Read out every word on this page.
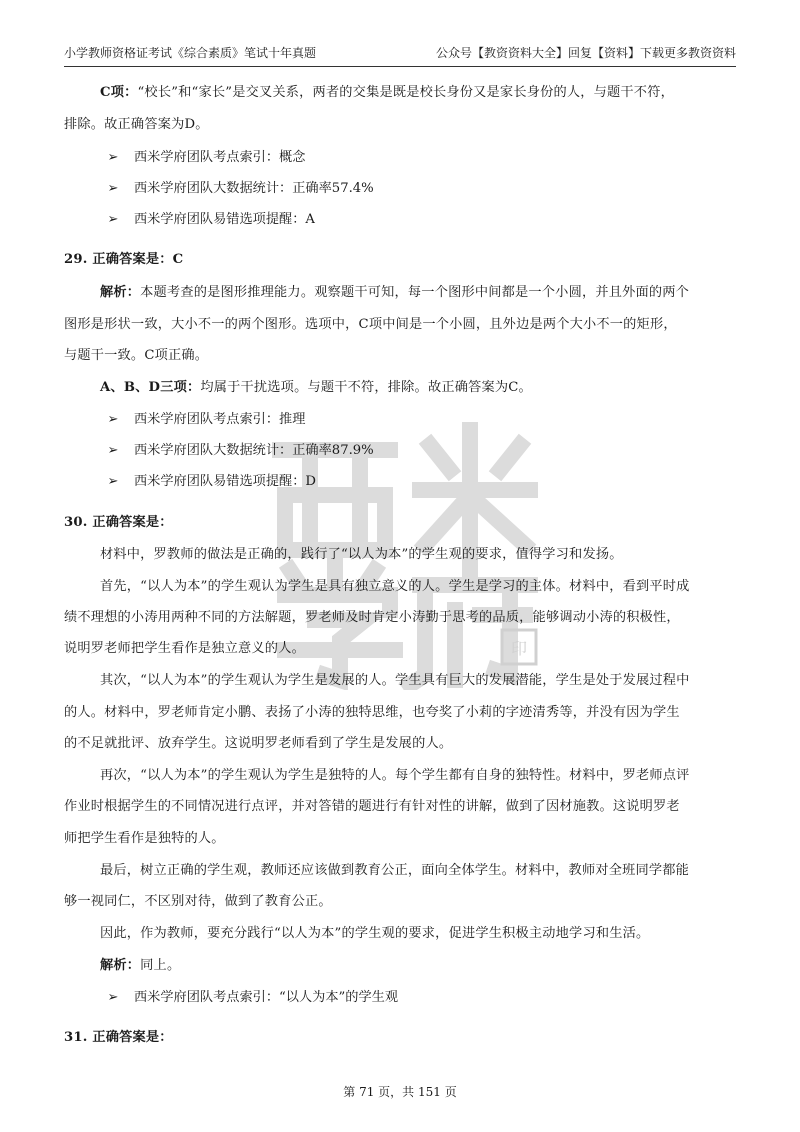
小学教师资格证考试《综合素质》笔试十年真题	公众号【教资资料大全】回复【资料】下载更多教资资料
印
C项：“校长”和“家长”是交叉关系，两者的交集是既是校长身份又是家长身份的人，与题干不符，
排除。故正确答案为D。
➢ 西米学府团队考点索引：概念
➢ 西米学府团队大数据统计：正确率57.4%
➢ 西米学府团队易错选项提醒：A
29. 正确答案是：C
解析：本题考查的是图形推理能力。观察题干可知，每一个图形中间都是一个小圆，并且外面的两个
图形是形状一致，大小不一的两个图形。选项中，C项中间是一个小圆，且外边是两个大小不一的矩形，
与题干一致。C项正确。
A、B、D三项：均属于干扰选项。与题干不符，排除。故正确答案为C。
➢ 西米学府团队考点索引：推理
➢ 西米学府团队大数据统计：正确率87.9%
➢ 西米学府团队易错选项提醒：D
30. 正确答案是：
材料中，罗教师的做法是正确的，践行了“以人为本”的学生观的要求，值得学习和发扬。
首先，“以人为本”的学生观认为学生是具有独立意义的人。学生是学习的主体。材料中，看到平时成
绩不理想的小涛用两种不同的方法解题，罗老师及时肯定小涛勤于思考的品质，能够调动小涛的积极性，
说明罗老师把学生看作是独立意义的人。
其次，“以人为本”的学生观认为学生是发展的人。学生具有巨大的发展潜能，学生是处于发展过程中
的人。材料中，罗老师肯定小鹏、表扬了小涛的独特思维，也夸奖了小莉的字迹清秀等，并没有因为学生
的不足就批评、放弃学生。这说明罗老师看到了学生是发展的人。
再次，“以人为本”的学生观认为学生是独特的人。每个学生都有自身的独特性。材料中，罗老师点评
作业时根据学生的不同情况进行点评，并对答错的题进行有针对性的讲解，做到了因材施教。这说明罗老
师把学生看作是独特的人。
最后，树立正确的学生观，教师还应该做到教育公正，面向全体学生。材料中，教师对全班同学都能
够一视同仁，不区别对待，做到了教育公正。
因此，作为教师，要充分践行“以人为本”的学生观的要求，促进学生积极主动地学习和生活。
解析：同上。
➢ 西米学府团队考点索引：“以人为本”的学生观
31. 正确答案是：
第 71 页，共 151 页
